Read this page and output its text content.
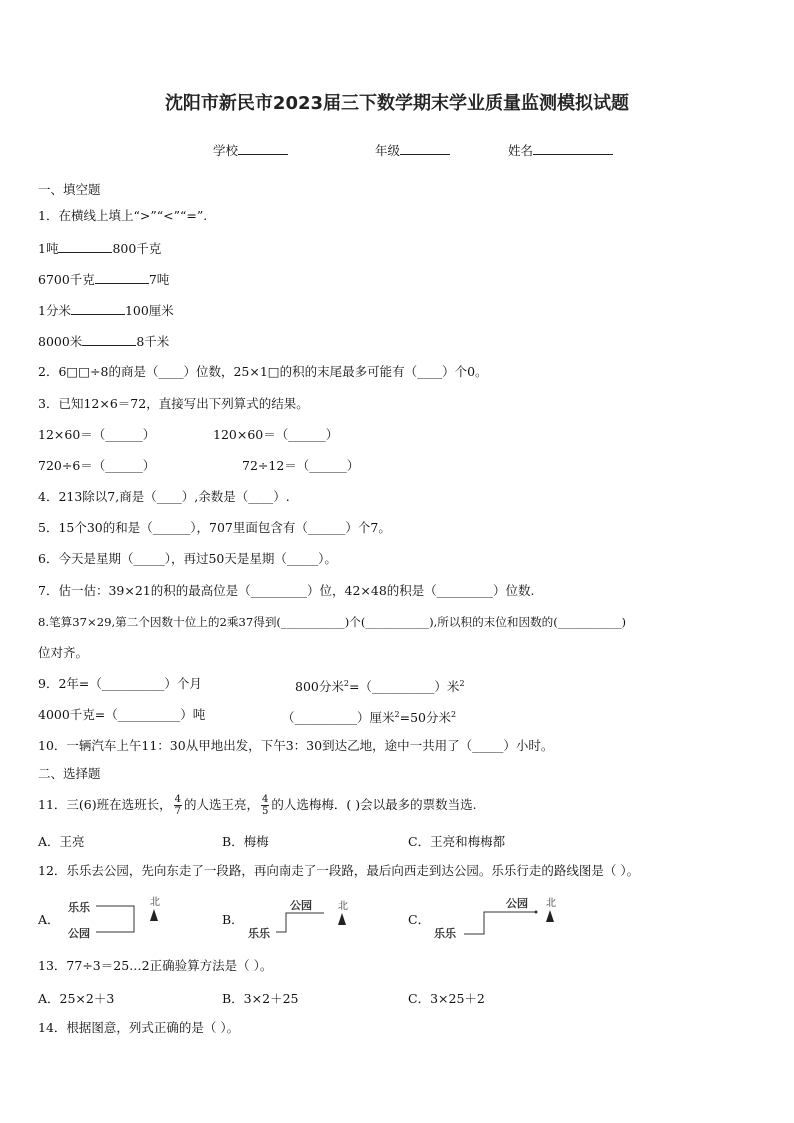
沈阳市新民市2023届三下数学期末学业质量监测模拟试题
学校	年级	姓名

一、填空题

1．在横线上填上“>”“<”“=”.

1吨	800千克

6700千克	7吨

1分米	100厘米

8000米	8千米

2．6□□÷8的商是（____）位数，25×1□的积的末尾最多可能有（____）个0。

3．已知12×6＝72，直接写出下列算式的结果。

12×60＝（______）	120×60＝（______）

720÷6＝（______）	72÷12＝（______）

4．213除以7,商是（____）,余数是（____）.

5．15个30的和是（______），707里面包含有（______）个7。

6．今天是星期（_____），再过50天是星期（_____）。

7．估一估：39×21的积的最高位是（_________）位，42×48的积是（_________）位数.

8.笔算37×29,第二个因数十位上的2乘37得到(___________)个(___________),所以积的末位和因数的(___________)

位对齐。

9．2年=（__________）个月	800分米$^2$=（__________）米$^2$

4000千克=（__________）吨	（__________）厘米$^2$=50分米$^2$

10．一辆汽车上午11：30从甲地出发，下午3：30到达乙地，途中一共用了（_____）小时。

二、选择题

11．三(6)班在选班长， $\frac{4}{7}$ 的人选王亮， $\frac{4}{5}$ 的人选梅梅．( )会以最多的票数当选.

A．王亮	B．梅梅	C．王亮和梅梅都

12．乐乐去公园，先向东走了一段路，再向南走了一段路，最后向西走到达公园。乐乐行走的路线图是（ ）。

A．
乐乐
公园
北
B．
公园
乐乐
北
C．
公园
乐乐
北

13．77÷3＝25…2正确验算方法是（ ）。

A．25×2＋3	B．3×2＋25	C．3×25＋2

14．根据图意，列式正确的是（ ）。
